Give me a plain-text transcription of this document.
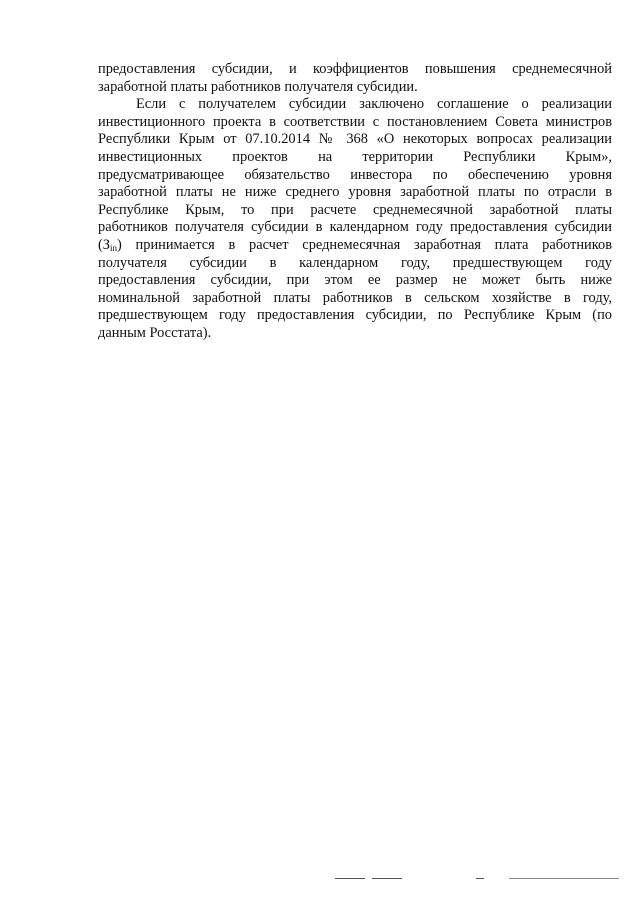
предоставления субсидии, и коэффициентов повышения среднемесячной
заработной платы работников получателя субсидии.
Если с получателем субсидии заключено соглашение о реализации
инвестиционного проекта в соответствии с постановлением Совета министров
Республики Крым от 07.10.2014 № 368 «О некоторых вопросах реализации
инвестиционных проектов на территории Республики Крым»,
предусматривающее обязательство инвестора по обеспечению уровня
заработной платы не ниже среднего уровня заработной платы по отрасли в
Республике Крым, то при расчете среднемесячной заработной платы
работников получателя субсидии в календарном году предоставления субсидии
$(З_{in})$ принимается в расчет среднемесячная заработная плата работников
получателя субсидии в календарном году, предшествующем году
предоставления субсидии, при этом ее размер не может быть ниже
номинальной заработной платы работников в сельском хозяйстве в году,
предшествующем году предоставления субсидии, по Республике Крым (по
данным Росстата).
